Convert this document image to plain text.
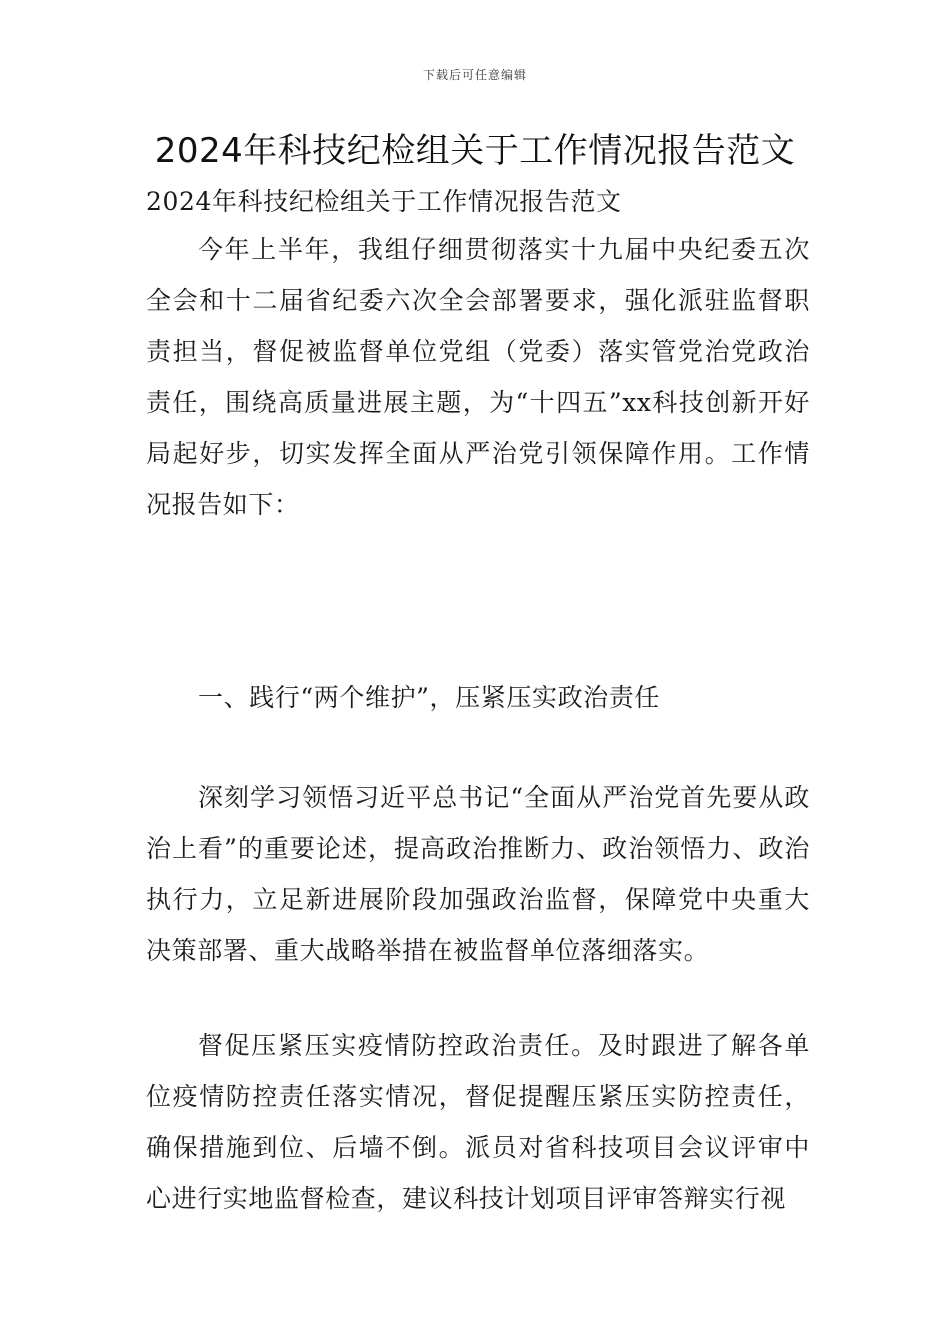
下载后可任意编辑
2024年科技纪检组关于工作情况报告范文

2024年科技纪检组关于工作情况报告范文

今年上半年，我组仔细贯彻落实十九届中央纪委五次全会和十二届省纪委六次全会部署要求，强化派驻监督职责担当，督促被监督单位党组（党委）落实管党治党政治责任，围绕高质量进展主题，为“十四五”xx科技创新开好局起好步，切实发挥全面从严治党引领保障作用。工作情况报告如下：

一、践行“两个维护”，压紧压实政治责任

深刻学习领悟习近平总书记“全面从严治党首先要从政治上看”的重要论述，提高政治推断力、政治领悟力、政治执行力，立足新进展阶段加强政治监督，保障党中央重大决策部署、重大战略举措在被监督单位落细落实。

督促压紧压实疫情防控政治责任。及时跟进了解各单位疫情防控责任落实情况，督促提醒压紧压实防控责任，确保措施到位、后墙不倒。派员对省科技项目会议评审中心进行实地监督检查，建议科技计划项目评审答辩实行视
